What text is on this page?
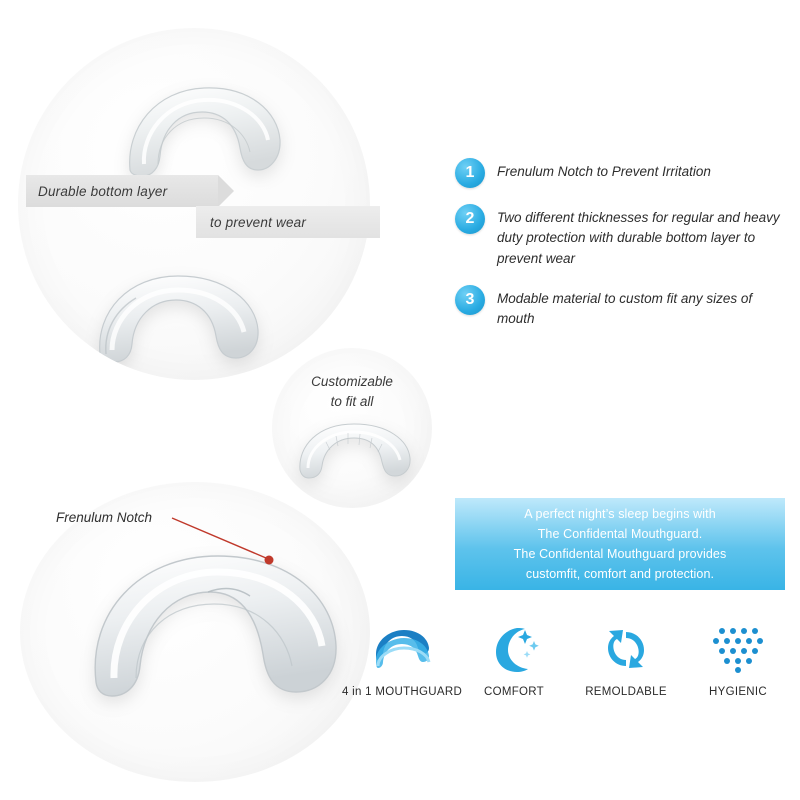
Durable bottom layer
to prevent wear
Customizable
to fit all
Frenulum Notch
1	Frenulum Notch to Prevent Irritation
2	Two different thicknesses for regular and heavy duty protection with durable bottom layer to prevent wear
3	Modable material to custom fit any sizes of mouth
A perfect night’s sleep begins with
The Confidental Mouthguard.
The Confidental Mouthguard provides
customfit, comfort and protection.
4 in 1 MOUTHGUARD COMFORT	REMOLDABLE	HYGIENIC
